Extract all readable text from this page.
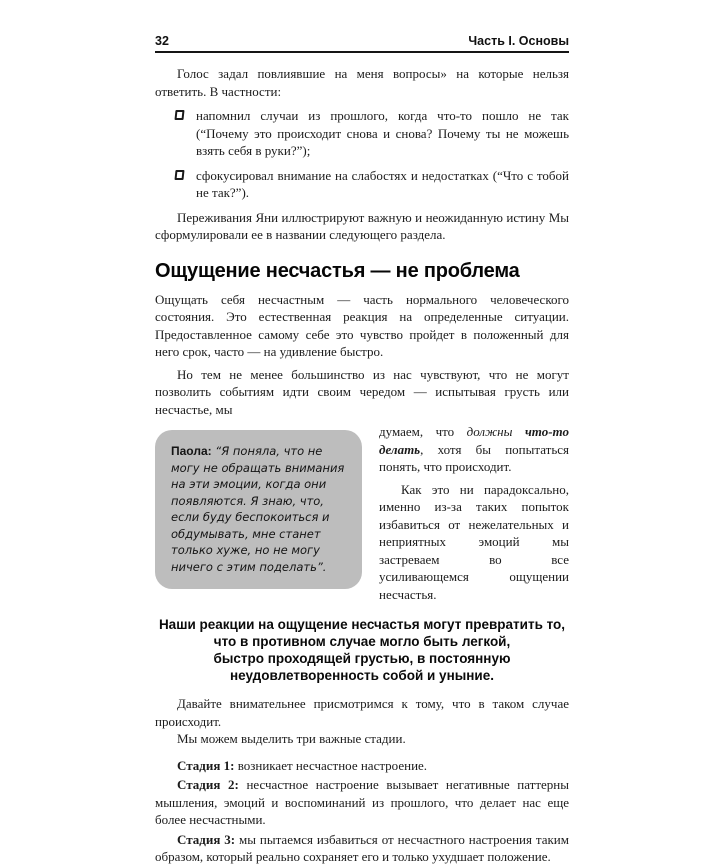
32	Часть I. Основы

Голос задал повлиявшие на меня вопросы» на которые нельзя ответить. В частности:

напомнил случаи из прошлого, когда что-то пошло не так (“Почему это происходит снова и снова? Почему ты не можешь взять себя в руки?”);
сфокусировал внимание на слабостях и недостатках (“Что с тобой не так?”).

Переживания Яни иллюстрируют важную и неожиданную истину Мы сформулировали ее в названии следующего раздела.

Ощущение несчастья — не проблема

Ощущать себя несчастным — часть нормального человеческого состояния. Это естественная реакция на определенные ситуации. Предоставленное самому себе это чувство пройдет в положенный для него срок, часто — на удивление быстро.

Но тем не менее большинство из нас чувствуют, что не могут позволить событиям идти своим чередом — испытывая грусть или несчастье, мы

Паола: “Я поняла, что не могу не обращать внимания на эти эмоции, когда они появляются. Я знаю, что, если буду беспокоиться и обдумывать, мне станет только хуже, но не могу ничего с этим поделать”.

думаем, что должны что-то делать, хотя бы попытаться понять, что происходит.

Как это ни парадоксально, именно из-за таких попыток избавиться от нежелательных и неприятных эмоций мы застреваем во все усиливающемся ощущении несчастья.

Наши реакции на ощущение несчастья могут превратить то,
что в противном случае могло быть легкой,
быстро проходящей грустью, в постоянную
неудовлетворенность собой и уныние.

Давайте внимательнее присмотримся к тому, что в таком случае происходит.

Мы можем выделить три важные стадии.

Стадия 1: возникает несчастное настроение.

Стадия 2: несчастное настроение вызывает негативные паттерны мышления, эмоций и воспоминаний из прошлого, что делает нас еще более несчастными.

Стадия 3: мы пытаемся избавиться от несчастного настроения таким образом, который реально сохраняет его и только ухудшает положение.
